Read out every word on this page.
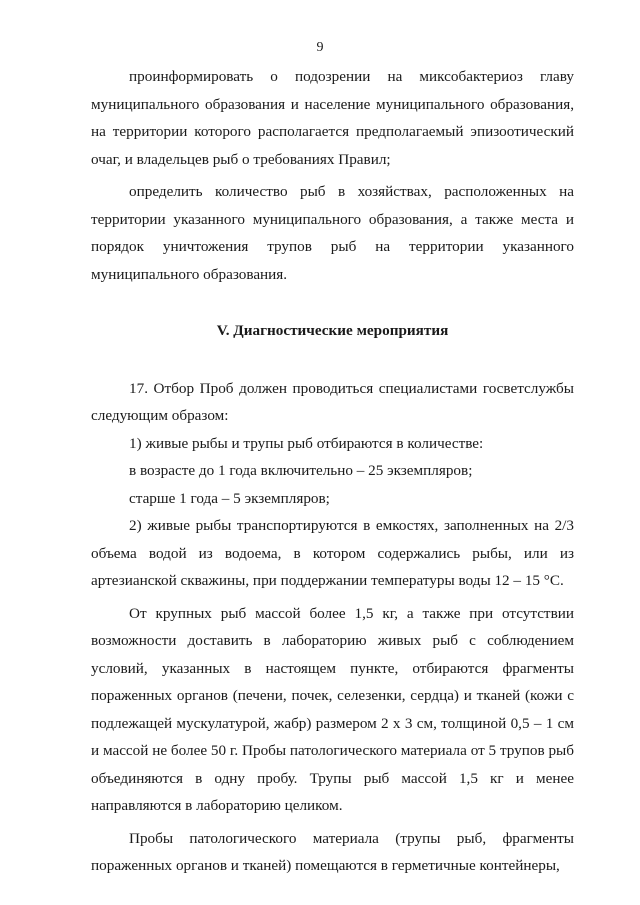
9

проинформировать о подозрении на миксобактериоз главу муниципального образования и население муниципального образования, на территории которого располагается предполагаемый эпизоотический очаг, и владельцев рыб о требованиях Правил;

определить количество рыб в хозяйствах, расположенных на территории указанного муниципального образования, а также места и порядок уничтожения трупов рыб на территории указанного муниципального образования.

V. Диагностические мероприятия

17. Отбор Проб должен проводиться специалистами госветслужбы следующим образом:

1) живые рыбы и трупы рыб отбираются в количестве:

в возрасте до 1 года включительно – 25 экземпляров;

старше 1 года – 5 экземпляров;

2) живые рыбы транспортируются в емкостях, заполненных на 2/3 объема водой из водоема, в котором содержались рыбы, или из артезианской скважины, при поддержании температуры воды 12 – 15 °С.

От крупных рыб массой более 1,5 кг, а также при отсутствии возможности доставить в лабораторию живых рыб с соблюдением условий, указанных в настоящем пункте, отбираются фрагменты пораженных органов (печени, почек, селезенки, сердца) и тканей (кожи с подлежащей мускулатурой, жабр) размером 2 х 3 см, толщиной 0,5 – 1 см и массой не более 50 г. Пробы патологического материала от 5 трупов рыб объединяются в одну пробу. Трупы рыб массой 1,5 кг и менее направляются в лабораторию целиком.

Пробы патологического материала (трупы рыб, фрагменты пораженных органов и тканей) помещаются в герметичные контейнеры,
